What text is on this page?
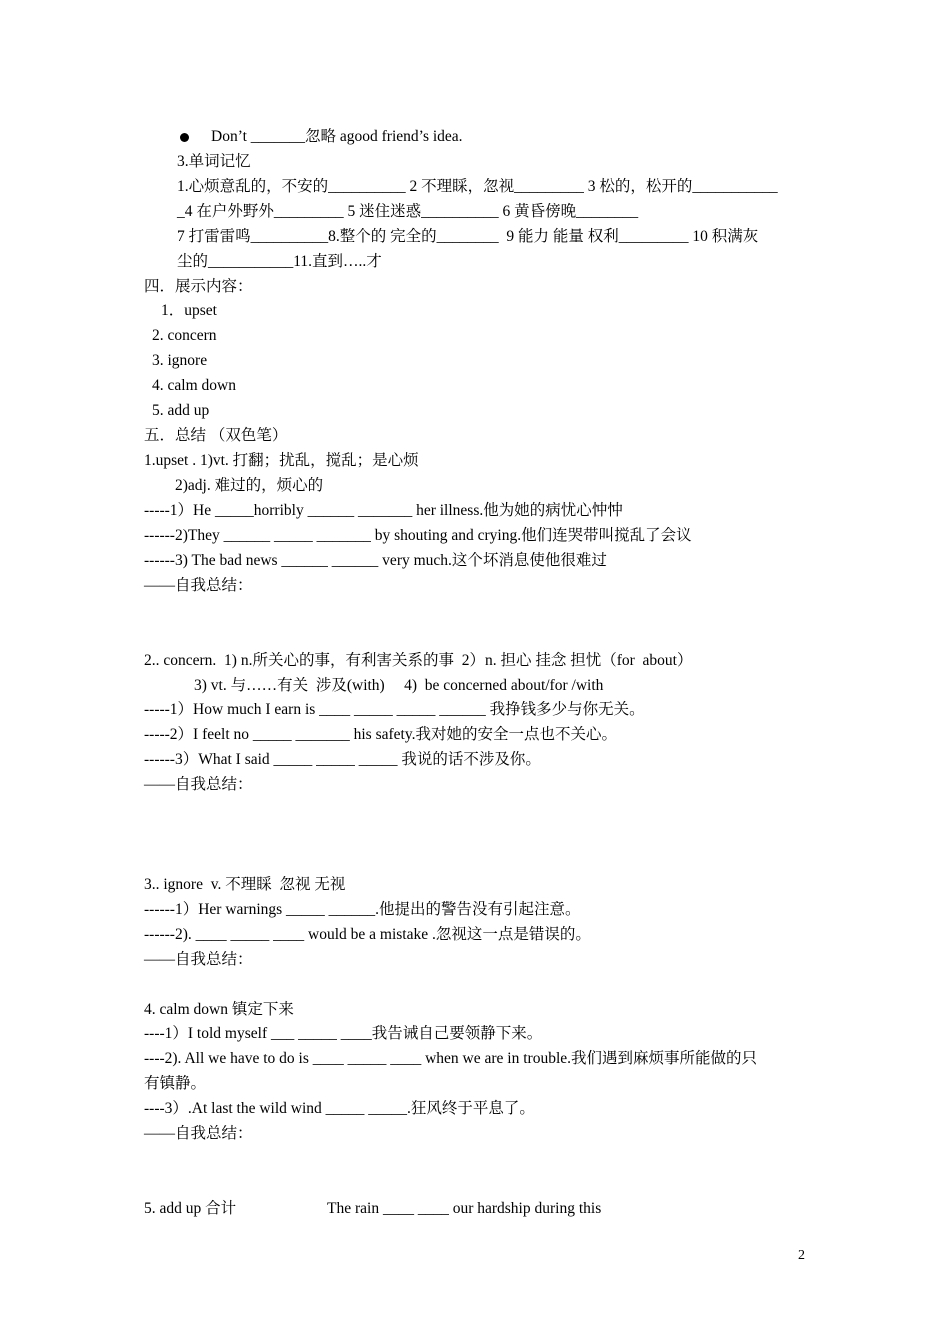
Don’t _______忽略 agood friend’s idea.
3.单词记忆
1.心烦意乱的，不安的__________ 2 不理睬，忽视_________ 3 松的，松开的___________
_4 在户外野外_________ 5 迷住迷惑__________ 6 黄昏傍晚________
7 打雷雷鸣__________8.整个的 完全的________  9 能力 能量 权利_________ 10 积满灰
尘的___________11.直到…..才
四．展示内容：
1．upset
2. concern
3. ignore
4. calm down
5. add up
五．总结 （双色笔）
1.upset . 1)vt. 打翻；扰乱，搅乱；是心烦
2)adj. 难过的，烦心的
-----1）He _____horribly ______ _______ her illness.他为她的病忧心忡忡
------2)They ______ _____ _______ by shouting and crying.他们连哭带叫搅乱了会议
------3) The bad news ______ ______ very much.这个坏消息使他很难过
——自我总结：
2.. concern.  1) n.所关心的事，有利害关系的事  2）n. 担心 挂念 担忧（for  about）
3) vt. 与……有关  涉及(with)     4)  be concerned about/for /with
-----1）How much I earn is ____ _____ _____ ______ 我挣钱多少与你无关。
-----2）I feelt no _____ _______ his safety.我对她的安全一点也不关心。
------3）What I said _____ _____ _____ 我说的话不涉及你。
——自我总结：
3.. ignore  v. 不理睬  忽视 无视
------1）Her warnings _____ ______.他提出的警告没有引起注意。
------2). ____ _____ ____ would be a mistake .忽视这一点是错误的。
——自我总结：
4. calm down 镇定下来
----1）I told myself ___ _____ ____我告诫自己要领静下来。
----2). All we have to do is ____ _____ ____ when we are in trouble.我们遇到麻烦事所能做的只
有镇静。
----3）.At last the wild wind _____ _____.狂风终于平息了。
——自我总结：
5. add up 合计	The rain ____ ____ our hardship during this
2
